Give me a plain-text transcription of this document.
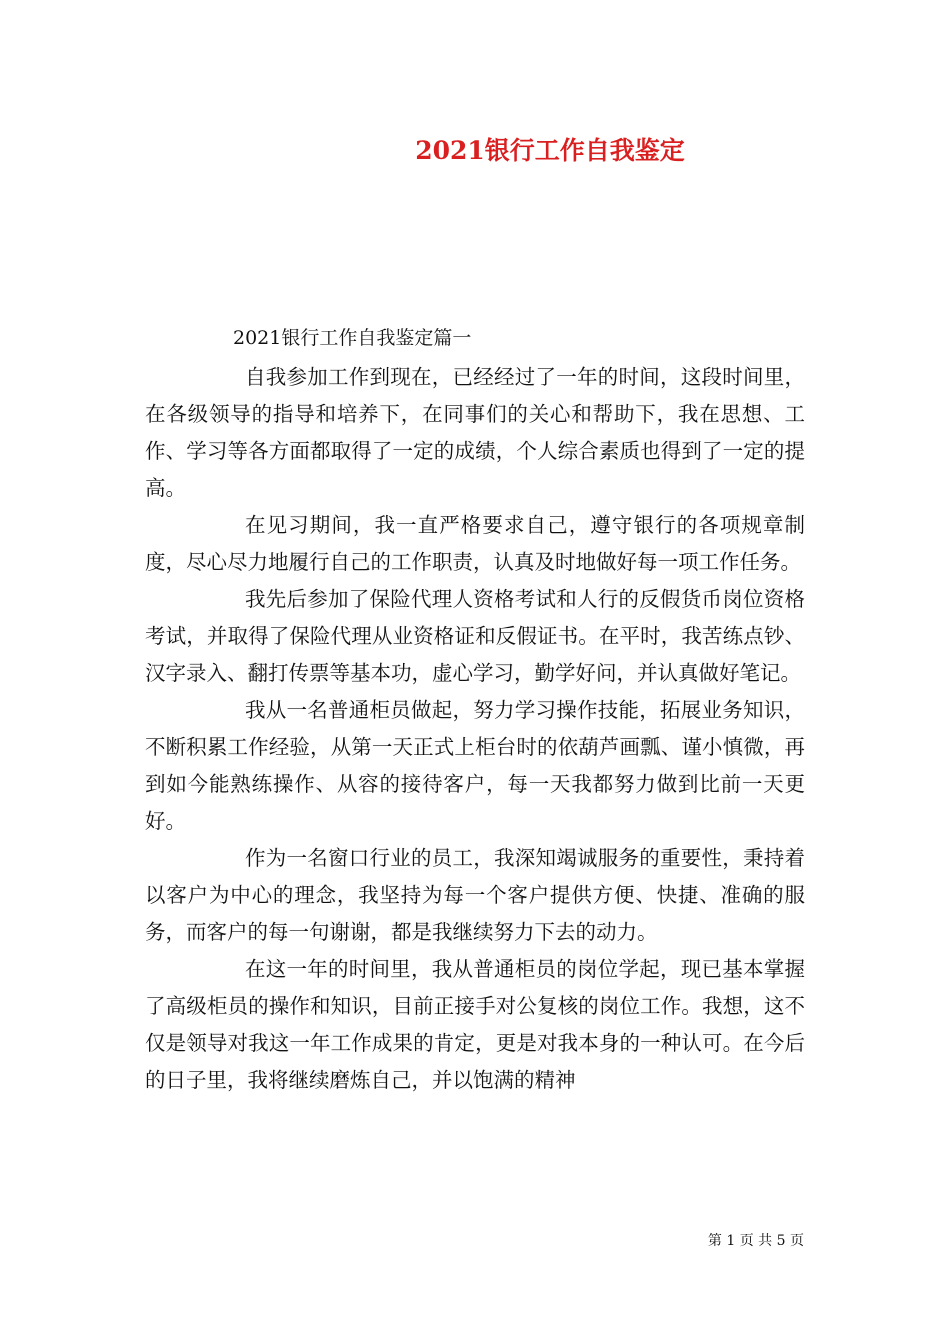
2021银行工作自我鉴定
2021银行工作自我鉴定篇一

自我参加工作到现在，已经经过了一年的时间，这段时间里，在各级领导的指导和培养下，在同事们的关心和帮助下，我在思想、工作、学习等各方面都取得了一定的成绩，个人综合素质也得到了一定的提高。

在见习期间，我一直严格要求自己，遵守银行的各项规章制度，尽心尽力地履行自己的工作职责，认真及时地做好每一项工作任务。

我先后参加了保险代理人资格考试和人行的反假货币岗位资格考试，并取得了保险代理从业资格证和反假证书。在平时，我苦练点钞、汉字录入、翻打传票等基本功，虚心学习，勤学好问，并认真做好笔记。

我从一名普通柜员做起，努力学习操作技能，拓展业务知识，不断积累工作经验，从第一天正式上柜台时的依葫芦画瓢、谨小慎微，再到如今能熟练操作、从容的接待客户，每一天我都努力做到比前一天更好。

作为一名窗口行业的员工，我深知竭诚服务的重要性，秉持着以客户为中心的理念，我坚持为每一个客户提供方便、快捷、准确的服务，而客户的每一句谢谢，都是我继续努力下去的动力。

在这一年的时间里，我从普通柜员的岗位学起，现已基本掌握了高级柜员的操作和知识，目前正接手对公复核的岗位工作。我想，这不仅是领导对我这一年工作成果的肯定，更是对我本身的一种认可。在今后的日子里，我将继续磨炼自己，并以饱满的精神

第 1 页 共 5 页
